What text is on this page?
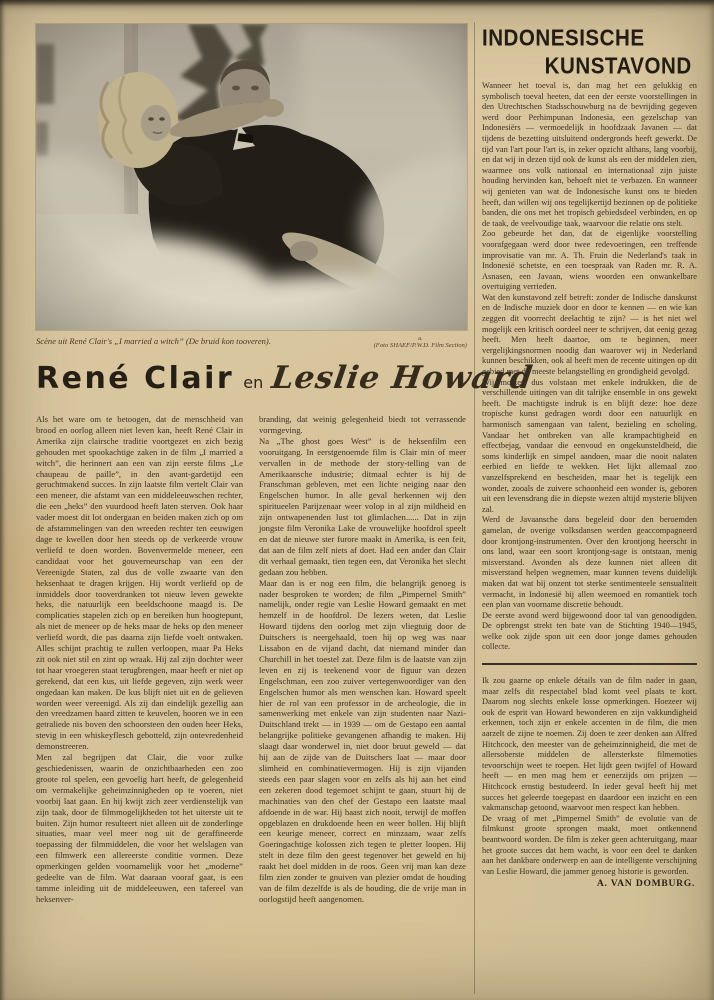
Scène uit René Clair's „I married a witch” (De bruid kon tooveren).	a.
(Foto SHAEF/P.W.D. Film Section)
René Clair en Leslie Howard

Als het ware om te betoogen, dat de menschheid van brood en oorlog alleen niet leven kan, heeft René Clair in Amerika zijn clairsche traditie voortgezet en zich bezig gehouden met spookachtige zaken in de film „I married a witch”, die herinnert aan een van zijn eerste films „Le chaupeau de paille”, in den avant-gardetijd een geruchtmakend succes. In zijn laatste film vertelt Clair van een meneer, die afstamt van een middeleeuwschen rechter, die een „heks” den vuurdood heeft laten sterven. Ook haar vader moest dit lot ondergaan en beiden maken zich op om de afstammelingen van den wreeden rechter ten eeuwigen dage te kwellen door hen steeds op de verkeerde vrouw verliefd te doen worden. Bovenvermelde meneer, een candidaat voor het gouverneurschap van een der Vereenigde Staten, zal dus de volle zwaarte van den heksenhaat te dragen krijgen. Hij wordt verliefd op de inmiddels door tooverdranken tot nieuw leven gewekte heks, die natuurlijk een beeldschoone maagd is. De complicaties stapelen zich op en bereiken hun hoogtepunt, als niet de meneer op de heks maar de heks op den meneer verliefd wordt, die pas daarna zijn liefde voelt ontwaken. Alles schijnt prachtig te zullen verloopen, maar Pa Heks zit ook niet stil en zint op wraak. Hij zal zijn dochter weer tot haar vroegeren staat terugbrengen, maar heeft er niet op gerekend, dat een kus, uit liefde gegeven, zijn werk weer ongedaan kan maken. De kus blijft niet uit en de gelieven worden weer vereenigd. Als zij dan eindelijk gezellig aan den vreedzamen haard zitten te keuvelen, hooren we in een getraliede nis boven den schoorsteen den ouden heer Heks, stevig in een whiskeyflesch gebotteld, zijn ontevredenheid demonstreeren.

Men zal begrijpen dat Clair, die voor zulke geschiedenissen, waarin de onzichtbaarheden een zoo groote rol spelen, een gevoelig hart heeft, de gelegenheid om vermakelijke geheimzinnigheden op te voeren, niet voorbij laat gaan. En hij kwijt zich zeer verdienstelijk van zijn taak, door de filmmogelijkheden tot het uiterste uit te buiten. Zijn humor resulteert niet alleen uit de zonderlinge situaties, maar veel meer nog uit de geraffineerde toepassing der filmmiddelen, die voor het welslagen van een filmwerk een allereerste conditie vormen. Deze opmerkingen gelden voornamelijk voor het „moderne” gedeelte van de film. Wat daaraan vooraf gaat, is een tamme inleiding uit de middeleeuwen, een tafereel van heksenver-

branding, dat weinig gelegenheid biedt tot verrassende vormgeving.

Na „The ghost goes West” is de heksenfilm een vooruitgang. In eerstgenoemde film is Clair min of meer vervallen in de methode der story-telling van de Amerikaansche industrie; ditmaal echter is hij de Franschman gebleven, met een lichte neiging naar den Engelschen humor. In alle geval herkennen wij den spiritueelen Parijzenaar weer volop in al zijn mildheid en zijn ontwapenenden lust tot glimlachen...... Dat in zijn jongste film Veronika Lake de vrouwelijke hoofdrol speelt en dat de nieuwe ster furore maakt in Amerika, is een feit, dat aan de film zelf niets af doet. Had een ander dan Clair dit verhaal gemaakt, tien tegen een, dat Veronika het slecht gedaan zou hebben.

Maar dan is er nog een film, die belangrijk genoeg is nader besproken te worden; de film „Pimpernel Smith” namelijk, onder regie van Leslie Howard gemaakt en met hemzelf in de hoofdrol. De lezers weten, dat Leslie Howard tijdens den oorlog met zijn vliegtuig door de Duitschers is neergehaald, toen hij op weg was naar Lissabon en de vijand dacht, dat niemand minder dan Churchill in het toestel zat. Deze film is de laatste van zijn leven en zij is teekenend voor de figuur van dezen Engelschman, een zoo zuiver vertegenwoordiger van den Engelschen humor als men wenschen kan. Howard speelt hier de rol van een professor in de archeologie, die in samenwerking met enkele van zijn studenten naar Nazi-Duitschland trekt — in 1939 — om de Gestapo een aantal belangrijke politieke gevangenen afhandig te maken. Hij slaagt daar wonderwel in, niet door bruut geweld — dat hij aan de zijde van de Duitschers laat — maar door slimheid en combinatievermogen. Hij is zijn vijanden steeds een paar slagen voor en zelfs als hij aan het eind een zekeren dood tegemoet schijnt te gaan, stuurt hij de machinaties van den chef der Gestapo een laatste maal afdoende in de war. Hij haast zich nooit, terwijl de moffen opgeblazen en drukdoende heen en weer hollen. Hij blijft een keurige meneer, correct en minzaam, waar zelfs Goeringachtige kolossen zich tegen te pletter loopen. Hij stelt in deze film den geest tegenover het geweld en hij raakt het doel midden in de roos. Geen vrij man kan deze film zien zonder te gnuiven van plezier omdat de houding van de film dezelfde is als de houding, die de vrije man in oorlogstijd heeft aangenomen.

INDONESISCHE
KUNSTAVOND

Wanneer het toeval is, dan mag het een gelukkig en symbolisch toeval heeten, dat een der eerste voorstellingen in den Utrechtschen Stadsschouwburg na de bevrijding gegeven werd door Perhimpunan Indonesia, een gezelschap van Indonesiërs — vermoedelijk in hoofdzaak Javanen — dat tijdens de bezetting uitsluitend ondergronds heeft gewerkt. De tijd van l'art pour l'art is, in zeker opzicht althans, lang voorbij, en dat wij in dezen tijd ook de kunst als een der middelen zien, waarmee ons volk nationaal en internationaal zijn juiste houding hervinden kan, behoeft niet te verbazen. En wanneer wij genieten van wat de Indonesische kunst ons te bieden heeft, dan willen wij ons tegelijkertijd bezinnen op de politieke banden, die ons met het tropisch gebiedsdeel verbinden, en op de taak, de veelvoudige taak, waarvoor die relatie ons stelt.

Zoo gebeurde het dan, dat de eigenlijke voorstelling voorafgegaan werd door twee redevoeringen, een treffende improvisatie van mr. A. Th. Fruin die Nederland's taak in Indonesië schetste, en een toespraak van Raden mr. R. A. Asnasen, een Javaan, wiens woorden een onwankelbare overtuiging verrieden.

Wat den kunstavond zelf betreft: zonder de Indische danskunst en de Indische muziek door en door te kennen — en wie kan zeggen dit voorrecht deelachtig te zijn? — is het niet wel mogelijk een kritisch oordeel neer te schrijven, dat eenig gezag heeft. Men heeft daartoe, om te beginnen, meer vergelijkingsnormen noodig dan waarover wij in Nederland kunnen beschikken, ook al heeft men de recente uitingen op dit gebied met de meeste belangstelling en grondigheid gevolgd.

Wij moeten dus volstaan met enkele indrukken, die de verschillende uitingen van dit talrijke ensemble in ons gewekt heeft. De machtigste indruk is en blijft deze: hoe deze tropische kunst gedragen wordt door een natuurlijk en harmonisch samengaan van talent, bezieling en scholing. Vandaar het ontbreken van alle krampachtigheid en effectbejag, vandaar die eenvoud en ongekunsteldheid, die soms kinderlijk en simpel aandoen, maar die nooit nalaten eerbied en liefde te wekken. Het lijkt allemaal zoo vanzelfsprekend en bescheiden, maar het is tegelijk een wonder, zooals de zuivere schoonheid een wonder is, geboren uit een levensdrang die in diepste wezen altijd mysterie blijven zal.

Werd de Javaansche dans begeleid door den beroemden gamelan, de overige volksdansen werden geaccompagneerd door krontjong-instrumenten. Over den krontjong heerscht in ons land, waar een soort krontjong-sage is ontstaan, menig misverstand. Avonden als deze kunnen niet alleen dit misverstand helpen wegnemen, maar kunnen tevens duidelijk maken dat wat bij onzent tot sterke sentimenteele sensualiteit vermacht, in Indonesië bij allen weemoed en romantiek toch een plan van voorname discretie behoudt.

De eerste avond werd bijgewoond door tal van genoodigden. De opbrengst strekt ten bate van de Stichting 1940—1945, welke ook zijde spon uit een door jonge dames gehouden collecte.

Ik zou gaarne op enkele détails van de film nader in gaan, maar zelfs dit respectabel blad komt veel plaats te kort. Daarom nog slechts enkele losse opmerkingen. Hoezeer wij ook de esprit van Howard bewonderen en zijn vakkundigheid erkennen, toch zijn er enkele accenten in de film, die men aarzelt de zijne te noemen. Zij doen te zeer denken aan Alfred Hitchcock, den meester van de geheimzinnigheid, die met de allersoberste middelen de allersterkste filmemoties tevoorschijn weet te roepen. Het lijdt geen twijfel of Howard heeft — en men mag hem er eenerzijds om prijzen — Hitchcock ernstig bestudeerd. In ieder geval heeft hij met succes het geleerde toegepast en daardoor een inzicht en een vakmanschap getoond, waarvoor men respect kan hebben.

De vraag of met „Pimpernel Smith” de evolutie van de filmkunst groote sprongen maakt, moet ontkennend beantwoord worden. De film is zeker geen achteruitgang, maar het groote succes dat hem wacht, is voor een deel te danken aan het dankbare onderwerp en aan de intelligente verschijning van Leslie Howard, die jammer genoeg historie is geworden.

A. VAN DOMBURG.
